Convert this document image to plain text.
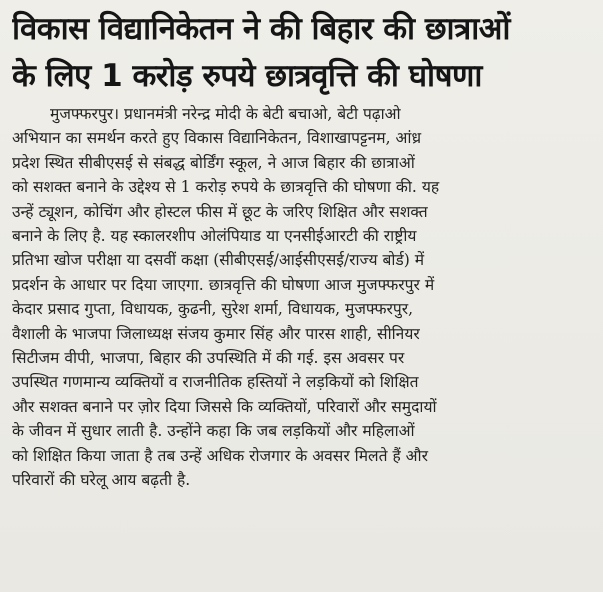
विकास विद्यानिकेतन ने की बिहार की छात्राओं
के लिए 1 करोड़ रुपये छात्रवृत्ति की घोषणा
मुजफ्फरपुर। प्रधानमंत्री नरेन्द्र मोदी के बेटी बचाओ, बेटी पढ़ाओ
अभियान का समर्थन करते हुए विकास विद्यानिकेतन, विशाखापट्टनम, आंध्र
प्रदेश स्थित सीबीएसई से संबद्ध बोर्डिंग स्कूल, ने आज बिहार की छात्राओं
को सशक्त बनाने के उद्देश्य से 1 करोड़ रुपये के छात्रवृत्ति की घोषणा की. यह
उन्हें ट्यूशन, कोचिंग और होस्टल फीस में छूट के जरिए शिक्षित और सशक्त
बनाने के लिए है. यह स्कालरशीप ओलंपियाड या एनसीईआरटी की राष्ट्रीय
प्रतिभा खोज परीक्षा या दसवीं कक्षा (सीबीएसई/आईसीएसई/राज्य बोर्ड) में
प्रदर्शन के आधार पर दिया जाएगा. छात्रवृत्ति की घोषणा आज मुजफ्फरपुर में
केदार प्रसाद गुप्ता, विधायक, कुढनी, सुरेश शर्मा, विधायक, मुजफ्फरपुर,
वैशाली के भाजपा जिलाध्यक्ष संजय कुमार सिंह और पारस शाही, सीनियर
सिटीजम वीपी, भाजपा, बिहार की उपस्थिति में की गई. इस अवसर पर
उपस्थित गणमान्य व्यक्तियों व राजनीतिक हस्तियों ने लड़कियों को शिक्षित
और सशक्त बनाने पर ज़ोर दिया जिससे कि व्यक्तियों, परिवारों और समुदायों
के जीवन में सुधार लाती है. उन्होंने कहा कि जब लड़कियों और महिलाओं
को शिक्षित किया जाता है तब उन्हें अधिक रोजगार के अवसर मिलते हैं और
परिवारों की घरेलू आय बढ़ती है.
